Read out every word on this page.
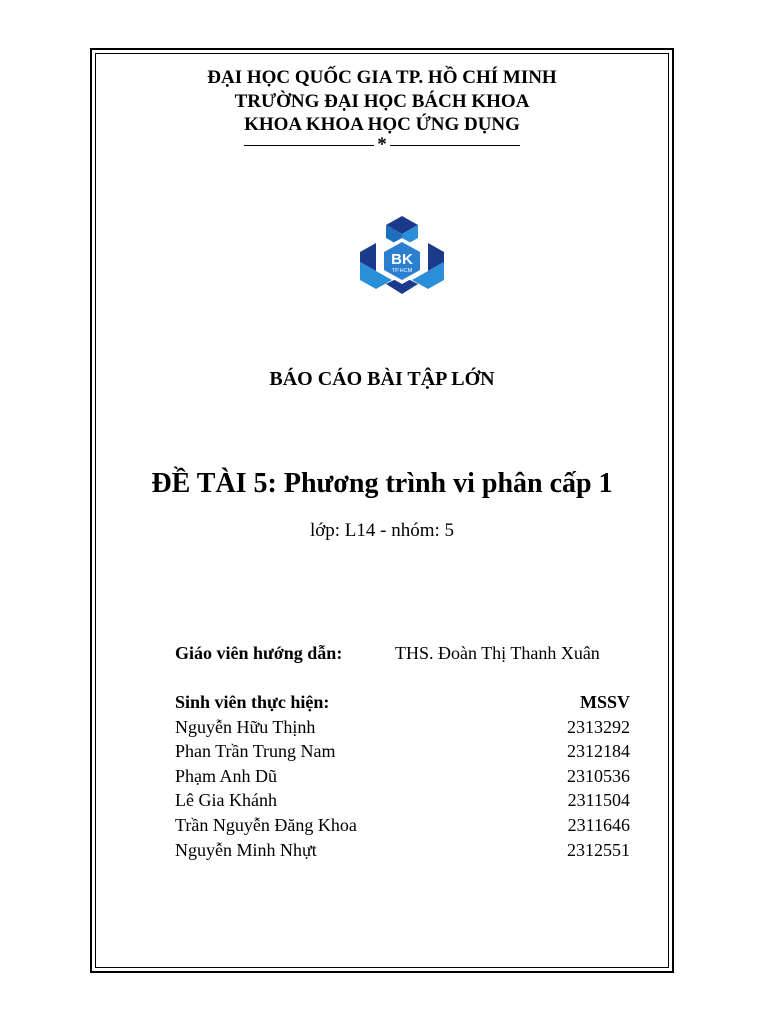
ĐẠI HỌC QUỐC GIA TP. HỒ CHÍ MINH
TRƯỜNG ĐẠI HỌC BÁCH KHOA
KHOA KHOA HỌC ỨNG DỤNG
*
BK
TP.HCM
BÁO CÁO BÀI TẬP LỚN
ĐỀ TÀI 5: Phương trình vi phân cấp 1
lớp: L14 - nhóm: 5
Giáo viên hướng dẫn:	THS. Đoàn Thị Thanh Xuân
Sinh viên thực hiện:	MSSV
Nguyễn Hữu Thịnh	2313292
Phan Trần Trung Nam	2312184
Phạm Anh Dũ	2310536
Lê Gia Khánh	2311504
Trần Nguyễn Đăng Khoa	2311646
Nguyễn Minh Nhựt	2312551
